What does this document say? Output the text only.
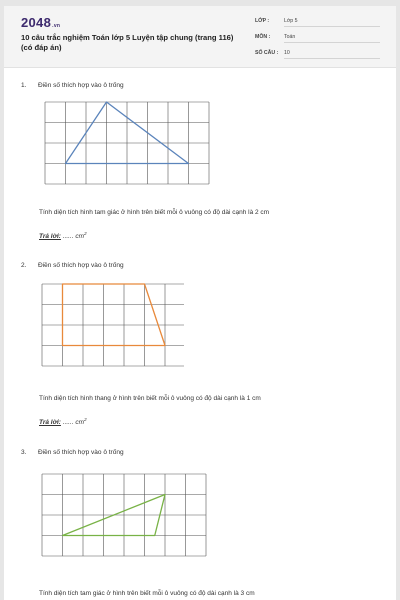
2048.vn
10 câu trắc nghiệm Toán lớp 5 Luyện tập chung (trang 116) (có đáp án)
LỚP :	Lớp 5
MÔN :	Toán
SỐ CÂU : 10
1. Điền số thích hợp vào ô trống
Tính diện tích hình tam giác ở hình trên biết mỗi ô vuông có độ dài cạnh là 2 cm
Trả lời: ...... $cm^2$
2. Điền số thích hợp vào ô trống
Tính diện tích hình thang ở hình trên biết mỗi ô vuông có độ dài cạnh là 1 cm
Trả lời: ...... $cm^2$
3. Điền số thích hợp vào ô trống
Tính diện tích tam giác ở hình trên biết mỗi ô vuông có độ dài cạnh là 3 cm
